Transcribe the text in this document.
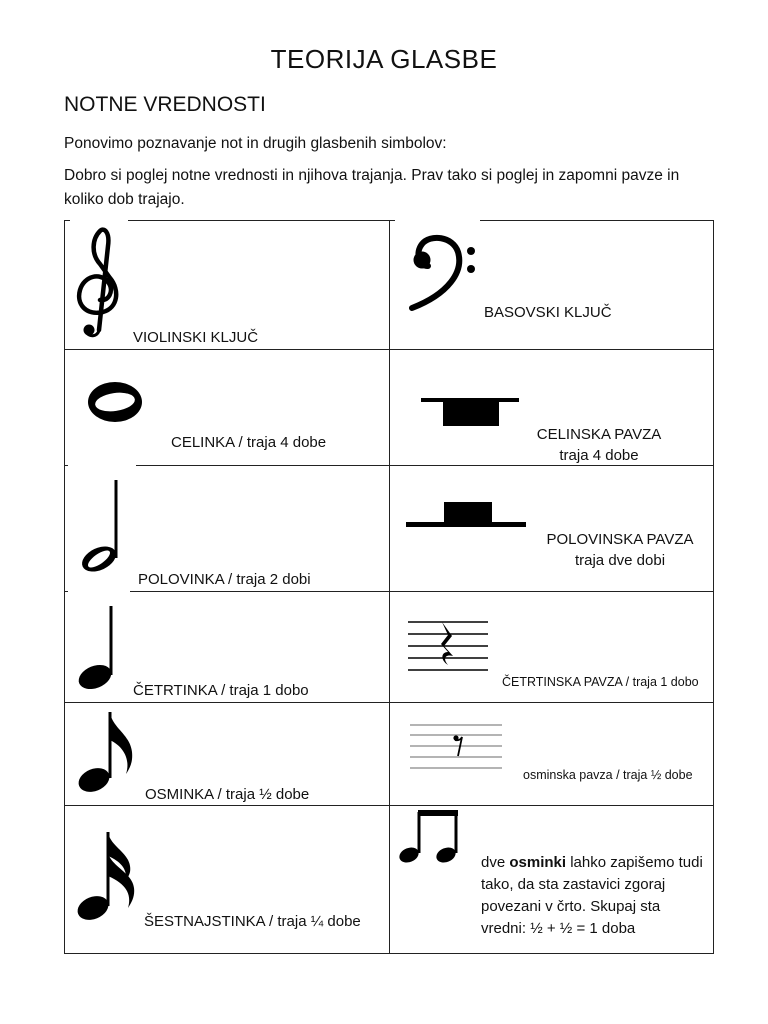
TEORIJA GLASBE
NOTNE VREDNOSTI
Ponovimo poznavanje not in drugih glasbenih simbolov:
Dobro si poglej notne vrednosti in njihova trajanja. Prav tako si poglej in zapomni pavze in koliko dob trajajo.
VIOLINSKI KLJUČ
BASOVSKI KLJUČ
CELINKA / traja 4 dobe	CELINSKA PAVZA
traja 4 dobe
POLOVINKA / traja 2 dobi
POLOVINSKA PAVZA
traja dve dobi
ČETRTINKA / traja 1 dobo	ČETRTINSKA PAVZA / traja 1 dobo
OSMINKA / traja ½ dobe
osminska pavza / traja ½ dobe
ŠESTNAJSTINKA / traja ¼ dobe
dve osminki lahko zapišemo tudi tako, da sta zastavici zgoraj povezani v črto. Skupaj sta vredni: ½ + ½ = 1 doba
